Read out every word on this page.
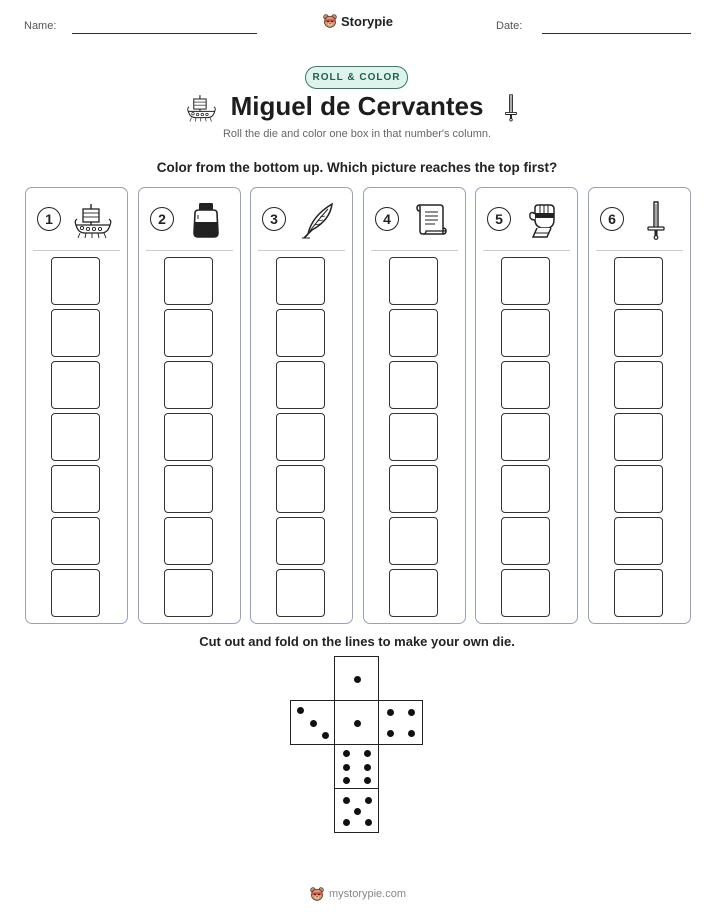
Name:	Storypie	Date:
ROLL & COLOR
Miguel de Cervantes
Roll the die and color one box in that number's column.
Color from the bottom up. Which picture reaches the top first?
1	2	3	4	5	6
Cut out and fold on the lines to make your own die.
mystorypie.com
